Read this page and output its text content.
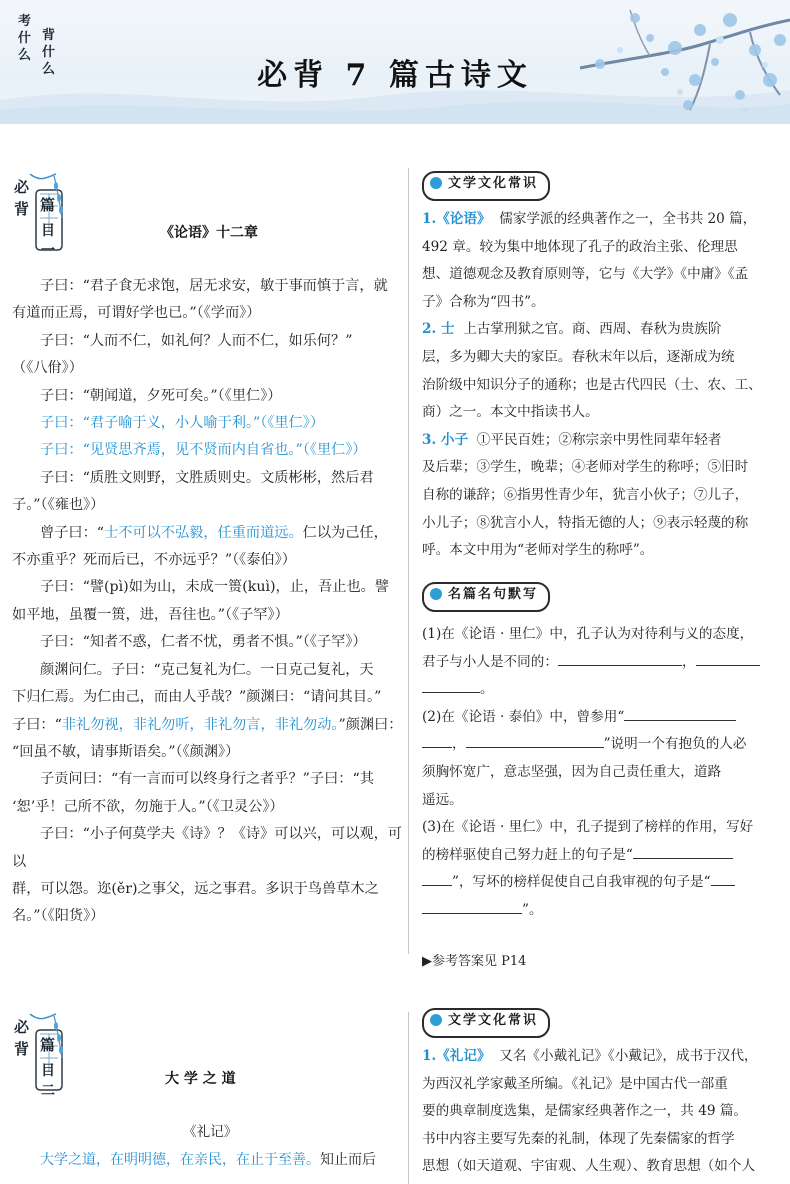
考
什
么
背
什
么	必背 7 篇古诗文
必
背 篇
目一
《论语》十二章
子曰：“君子食无求饱，居无求安，敏于事而慎于言，就
有道而正焉，可谓好学也已。”（《学而》）
子曰：“人而不仁，如礼何？人而不仁，如乐何？”
（《八佾》）
子曰：“朝闻道，夕死可矣。”（《里仁》）
子曰：“君子喻于义，小人喻于利。”（《里仁》）
子曰：“见贤思齐焉，见不贤而内自省也。”（《里仁》）
子曰：“质胜文则野，文胜质则史。文质彬彬，然后君
子。”（《雍也》）
曾子曰：“士不可以不弘毅，任重而道远。仁以为己任，
不亦重乎？死而后已，不亦远乎？”（《泰伯》）
子曰：“譬(pì)如为山，未成一篑(kuì)，止，吾止也。譬
如平地，虽覆一篑，进，吾往也。”（《子罕》）
子曰：“知者不惑，仁者不忧，勇者不惧。”（《子罕》）
颜渊问仁。子曰：“克己复礼为仁。一日克己复礼，天
下归仁焉。为仁由己，而由人乎哉？”颜渊曰：“请问其目。”
子曰：“非礼勿视，非礼勿听，非礼勿言，非礼勿动。”颜渊曰：
“回虽不敏，请事斯语矣。”（《颜渊》）
子贡问曰：“有一言而可以终身行之者乎？”子曰：“其
‘恕’乎！己所不欲，勿施于人。”（《卫灵公》）
子曰：“小子何莫学夫《诗》？《诗》可以兴，可以观，可以
群，可以怨。迩(ěr)之事父，远之事君。多识于鸟兽草木之
名。”（《阳货》）
文学文化常识
1.《论语》 儒家学派的经典著作之一，全书共 20 篇，
492 章。较为集中地体现了孔子的政治主张、伦理思
想、道德观念及教育原则等，它与《大学》《中庸》《孟
子》合称为“四书”。
2. 士 上古掌刑狱之官。商、西周、春秋为贵族阶
层，多为卿大夫的家臣。春秋末年以后，逐渐成为统
治阶级中知识分子的通称；也是古代四民（士、农、工、
商）之一。本文中指读书人。
3. 小子 ①平民百姓；②称宗亲中男性同辈年轻者
及后辈；③学生，晚辈；④老师对学生的称呼；⑤旧时
自称的谦辞；⑥指男性青少年，犹言小伙子；⑦儿子，
小儿子；⑧犹言小人，特指无德的人；⑨表示轻蔑的称
呼。本文中用为“老师对学生的称呼”。
名篇名句默写
(1)在《论语 · 里仁》中，孔子认为对待利与义的态度，
君子与小人是不同的：	，
。
(2)在《论语 · 泰伯》中，曾参用“
，	”说明一个有抱负的人必
须胸怀宽广，意志坚强，因为自己责任重大，道路
遥远。
(3)在《论语 · 里仁》中，孔子提到了榜样的作用，写好
的榜样驱使自己努力赶上的句子是“
”，写坏的榜样促使自己自我审视的句子是“
”。
▶参考答案见 P14
必
背 篇
目二
大 学 之 道
《礼记》
大学之道，在明明德，在亲民，在止于至善。知止而后
文学文化常识
1.《礼记》 又名《小戴礼记》《小戴记》，成书于汉代，
为西汉礼学家戴圣所编。《礼记》是中国古代一部重
要的典章制度选集，是儒家经典著作之一，共 49 篇。
书中内容主要写先秦的礼制，体现了先秦儒家的哲学
思想（如天道观、宇宙观、人生观）、教育思想（如个人
